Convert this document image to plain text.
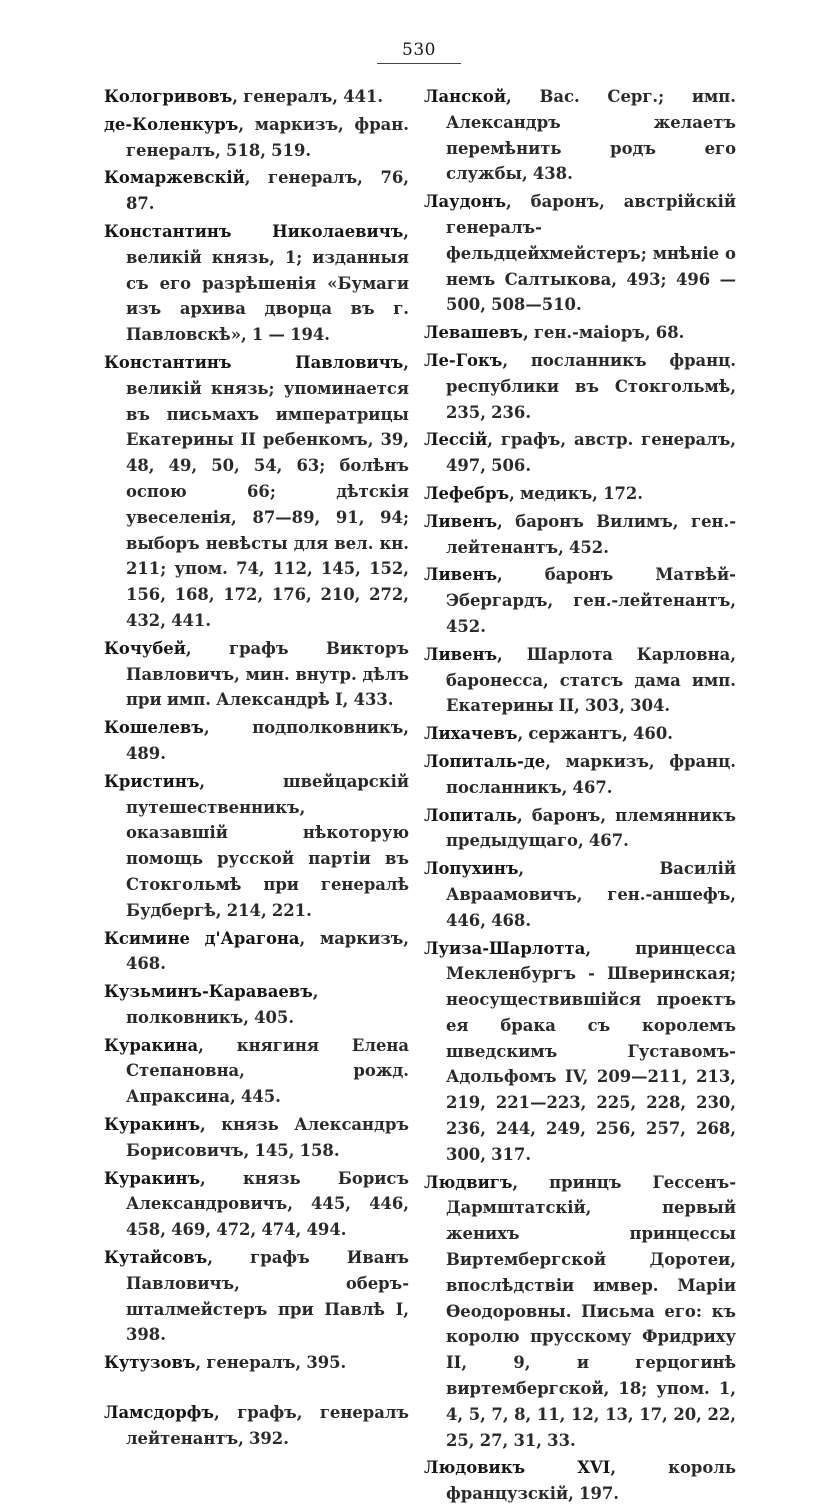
530

Кологривовъ, генералъ, 441.

де-Коленкуръ, маркизъ, фран. генералъ, 518, 519.

Комаржевскій, генералъ, 76, 87.

Константинъ Николаевичъ, великій князь, 1; изданныя съ его разрѣшенія «Бумаги изъ архива дворца въ г. Павловскѣ», 1 — 194.

Константинъ Павловичъ, великій князь; упоминается въ письмахъ императрицы Екатерины II ребенкомъ, 39, 48, 49, 50, 54, 63; болѣнъ оспою 66; дѣтскія увеселенія, 87—89, 91, 94; выборъ невѣсты для вел. кн. 211; упом. 74, 112, 145, 152, 156, 168, 172, 176, 210, 272, 432, 441.

Кочубей, графъ Викторъ Павловичъ, мин. внутр. дѣлъ при имп. Александрѣ I, 433.

Кошелевъ, подполковникъ, 489.

Кристинъ, швейцарскій путешественникъ, оказавшій нѣкоторую помощь русской партіи въ Стокгольмѣ при генералѣ Будбергѣ, 214, 221.

Ксимине д'Арагона, маркизъ, 468.

Кузьминъ-Караваевъ, полковникъ, 405.

Куракина, княгиня Елена Степановна, рожд. Апраксина, 445.

Куракинъ, князь Александръ Борисовичъ, 145, 158.

Куракинъ, князь Борисъ Александровичъ, 445, 446, 458, 469, 472, 474, 494.

Кутайсовъ, графъ Иванъ Павловичъ, оберъ-шталмейстеръ при Павлѣ I, 398.

Кутузовъ, генералъ, 395.

Ламсдорфъ, графъ, генералъ лейтенантъ, 392.

Ланской, Вас. Серг.; имп. Александръ желаетъ перемѣнить родъ его службы, 438.

Лаудонъ, баронъ, австрійскій генералъ-фельдцейхмейстеръ; мнѣніе о немъ Салтыкова, 493; 496 — 500, 508—510.

Левашевъ, ген.-маіоръ, 68.

Ле-Гокъ, посланникъ франц. республики въ Стокгольмѣ, 235, 236.

Лессій, графъ, австр. генералъ, 497, 506.

Лефебръ, медикъ, 172.

Ливенъ, баронъ Вилимъ, ген.-лейтенантъ, 452.

Ливенъ, баронъ Матвѣй-Эбергардъ, ген.-лейтенантъ, 452.

Ливенъ, Шарлота Карловна, баронесса, статсъ дама имп. Екатерины II, 303, 304.

Лихачевъ, сержантъ, 460.

Лопиталь-де, маркизъ, франц. посланникъ, 467.

Лопиталь, баронъ, племянникъ предыдущаго, 467.

Лопухинъ, Василій Авраамовичъ, ген.-аншефъ, 446, 468.

Луиза-Шарлотта, принцесса Мекленбургъ - Шверинская; неосуществившійся проектъ ея брака съ королемъ шведскимъ Густавомъ-Адольфомъ IV, 209—211, 213, 219, 221—223, 225, 228, 230, 236, 244, 249, 256, 257, 268, 300, 317.

Людвигъ, принцъ Гессенъ-Дармштатскій, первый женихъ принцессы Виртембергской Доротеи, впослѣдствіи имвер. Маріи Ѳеодоровны. Письма его: къ королю прусскому Фридриху II, 9, и герцогинѣ виртембергской, 18; упом. 1, 4, 5, 7, 8, 11, 12, 13, 17, 20, 22, 25, 27, 31, 33.

Людовикъ XVI, король французскій, 197.
